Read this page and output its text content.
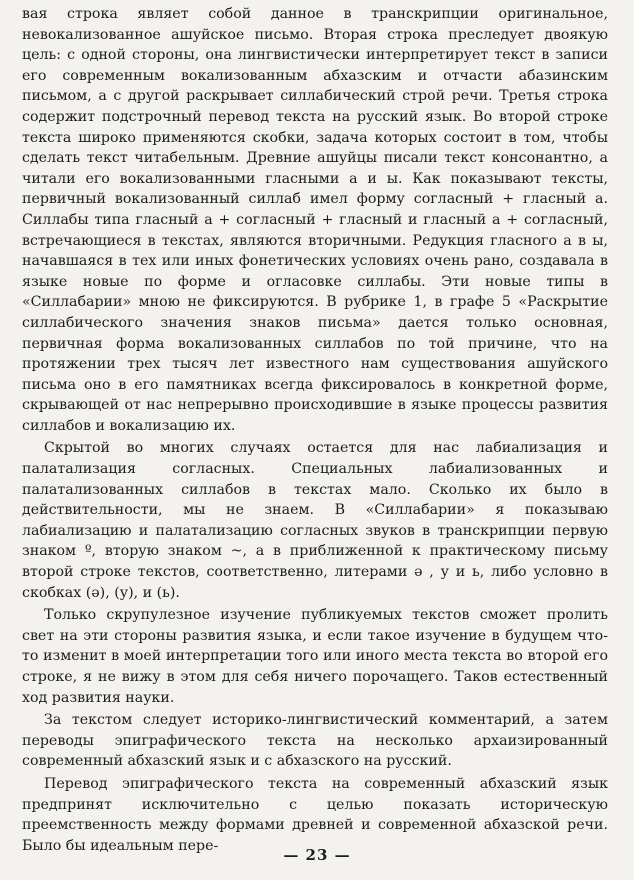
вая строка являет собой данное в транскрипции оригинальное, невокализованное ашуйское письмо. Вторая строка преследует двоякую цель: с одной стороны, она лингвистически интерпретирует текст в записи его современным вокализованным абхазским и отчасти абазинским письмом, а с другой раскрывает силлабический строй речи. Третья строка содержит подстрочный перевод текста на русский язык. Во второй строке текста широко применяются скобки, задача которых состоит в том, чтобы сделать текст читабельным. Древние ашуйцы писали текст консонантно, а читали его вокализованными гласными а и ы. Как показывают тексты, первичный вокализованный силлаб имел форму согласный + гласный а. Силлабы типа гласный а + согласный + гласный и гласный а + согласный, встречающиеся в текстах, являются вторичными. Редукция гласного а в ы, начавшаяся в тех или иных фонетических условиях очень рано, создавала в языке новые по форме и огласовке силлабы. Эти новые типы в «Силлабарии» мною не фиксируются. В рубрике 1, в графе 5 «Раскрытие силлабического значения знаков письма» дается только основная, первичная форма вокализованных силлабов по той причине, что на протяжении трех тысяч лет известного нам существования ашуйского письма оно в его памятниках всегда фиксировалось в конкретной форме, скрывающей от нас непрерывно происходившие в языке процессы развития силлабов и вокализацию их.

Скрытой во многих случаях остается для нас лабиализация и палатализация согласных. Специальных лабиализованных и палатализованных силлабов в текстах мало. Сколько их было в действительности, мы не знаем. В «Силлабарии» я показываю лабиализацию и палатализацию согласных звуков в транскрипции первую знаком º, вторую знаком ~, а в приближенной к практическому письму второй строке текстов, соответственно, литерами ә , у и ь, либо условно в скобках (ә), (у), и (ь).

Только скрупулезное изучение публикуемых текстов сможет пролить свет на эти стороны развития языка, и если такое изучение в будущем что-то изменит в моей интерпретации того или иного места текста во второй его строке, я не вижу в этом для себя ничего порочащего. Таков естественный ход развития науки.

За текстом следует историко-лингвистический комментарий, а затем переводы эпиграфического текста на несколько архаизированный современный абхазский язык и с абхазского на русский.

Перевод эпиграфического текста на современный абхазский язык предпринят исключительно с целью показать историческую преемственность между формами древней и современной абхазской речи. Было бы идеальным пере-

— 23 —
